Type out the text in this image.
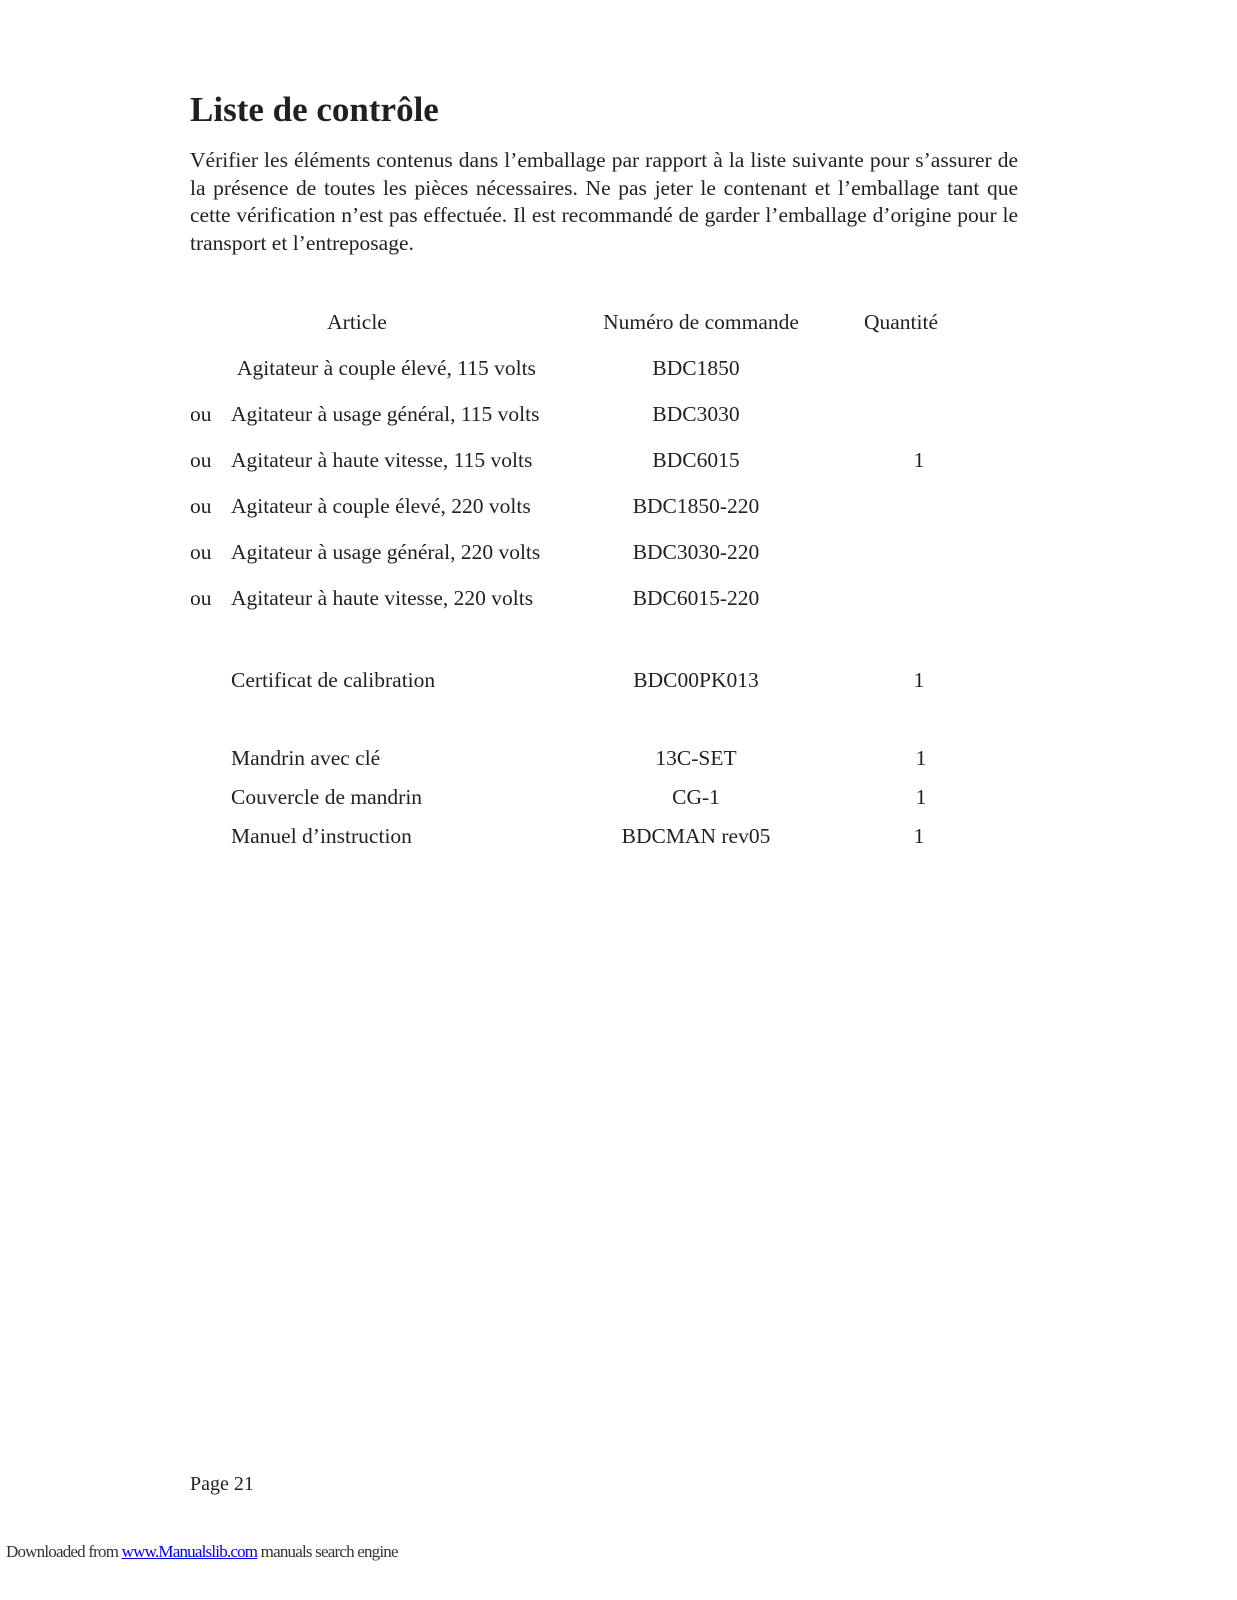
Liste de contrôle

Vérifier les éléments contenus dans l’emballage par rapport à la liste suivante pour s’assurer de la présence de toutes les pièces nécessaires. Ne pas jeter le contenant et l’emballage tant que cette vérification n’est pas effectuée. Il est recommandé de garder l’emballage d’origine pour le transport et l’entreposage.

Article	Numéro de commande	Quantité
Agitateur à couple élevé, 115 volts	BDC1850
ou Agitateur à usage général, 115 volts	BDC3030
ou Agitateur à haute vitesse, 115 volts	BDC6015	1
ou Agitateur à couple élevé, 220 volts	BDC1850-220
ou Agitateur à usage général, 220 volts	BDC3030-220
ou Agitateur à haute vitesse, 220 volts	BDC6015-220
Certificat de calibration	BDC00PK013	1
Mandrin avec clé	13C-SET	1
Couvercle de mandrin	CG-1	1
Manuel d’instruction	BDCMAN rev05	1
Page 21
Downloaded from www.Manualslib.com manuals search engine
